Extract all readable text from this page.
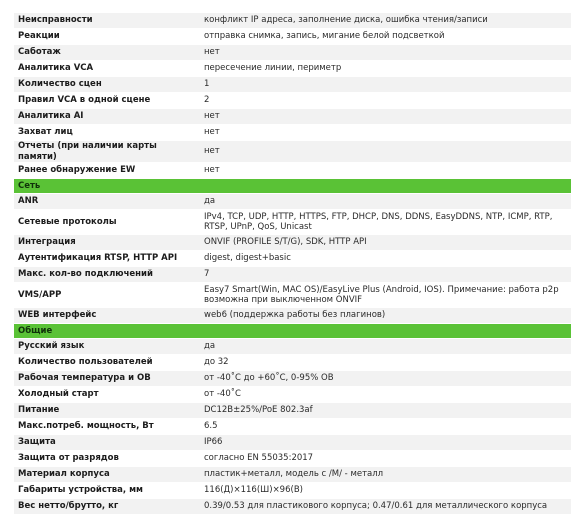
Неисправности	конфликт IP адреса, заполнение диска, ошибка чтения/записи
Реакции	отправка снимка, запись, мигание белой подсветкой
Саботаж	нет
Аналитика VCA	пересечение линии, периметр
Количество сцен	1
Правил VCA в одной сцене	2
Аналитика AI	нет
Захват лиц	нет
Отчеты (при наличии карты памяти)	нет
Ранее обнаружение EW	нет
Сеть	
ANR	да
Сетевые протоколы	IPv4, TCP, UDP, HTTP, HTTPS, FTP, DHCP, DNS, DDNS, EasyDDNS, NTP, ICMP, RTP, RTSP, UPnP, QoS, Unicast
Интеграция	ONVIF (PROFILE S/T/G), SDK, HTTP API
Аутентификация RTSP, HTTP API	digest, digest+basic
Макс. кол-во подключений	7
VMS/APP	Easy7 Smart(Win, MAC OS)/EasyLive Plus (Android, IOS). Примечание: работа p2p возможна при выключенном ONVIF
WEB интерфейс	web6 (поддержка работы без плагинов)
Общие	
Русский язык	да
Количество пользователей	до 32
Рабочая температура и ОВ	от -40˚С до +60˚С, 0-95% ОВ
Холодный старт	от -40˚С
Питание	DC12В±25%/PoE 802.3af
Макс.потреб. мощность, Вт	6.5
Защита	IP66
Защита от разрядов	согласно EN 55035:2017
Материал корпуса	пластик+металл, модель с /M/ - металл
Габариты устройства, мм	116(Д)×116(Ш)×96(В)
Вес нетто/брутто, кг	0.39/0.53 для пластикового корпуса; 0.47/0.61 для металлического корпуса
